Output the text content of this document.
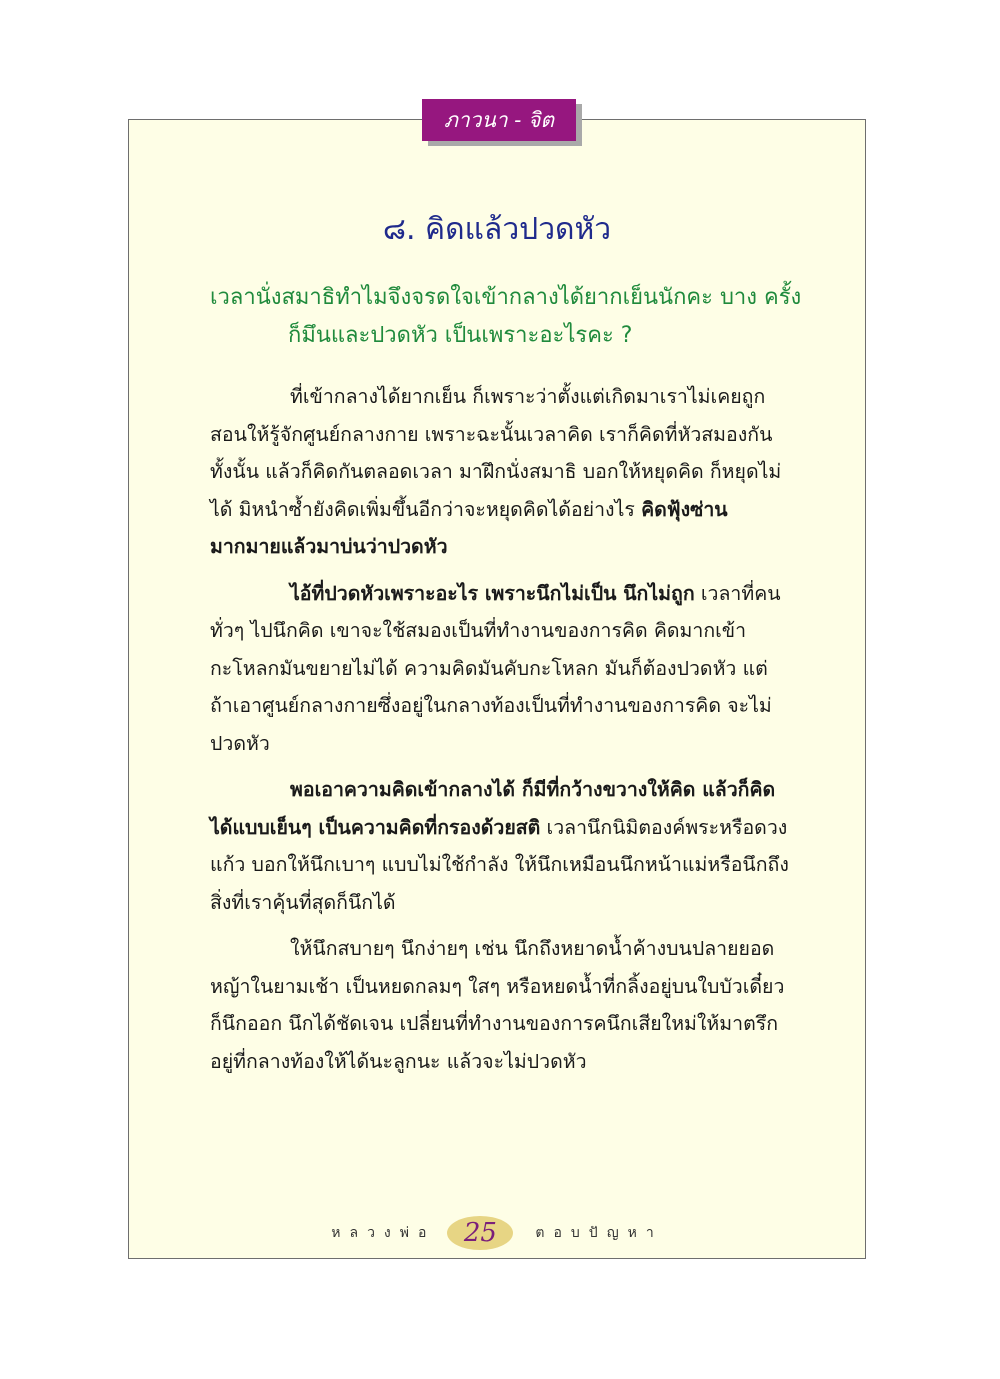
ภาวนา - จิต
๘. คิดแล้วปวดหัว
เวลานั่งสมาธิทำไมจึงจรดใจเข้ากลางได้ยากเย็นนักคะ บาง ครั้ง
ก็มึนและปวดหัว เป็นเพราะอะไรคะ ?

ที่เข้ากลางได้ยากเย็น ก็เพราะว่าตั้งแต่เกิดมาเราไม่เคยถูกสอนให้รู้จักศูนย์กลางกาย เพราะฉะนั้นเวลาคิด เราก็คิดที่หัวสมองกันทั้งนั้น แล้วก็คิดกันตลอดเวลา มาฝึกนั่งสมาธิ บอกให้หยุดคิด ก็หยุดไม่ได้ มิหนำซ้ำยังคิดเพิ่มขึ้นอีกว่าจะหยุดคิดได้อย่างไร คิดฟุ้งซ่านมากมายแล้วมาบ่นว่าปวดหัว

ไอ้ที่ปวดหัวเพราะอะไร เพราะนึกไม่เป็น นึกไม่ถูก เวลาที่คนทั่วๆ ไปนึกคิด เขาจะใช้สมองเป็นที่ทำงานของการคิด คิดมากเข้ากะโหลกมันขยายไม่ได้ ความคิดมันคับกะโหลก มันก็ต้องปวดหัว แต่ถ้าเอาศูนย์กลางกายซึ่งอยู่ในกลางท้องเป็นที่ทำงานของการคิด จะไม่ปวดหัว

พอเอาความคิดเข้ากลางได้ ก็มีที่กว้างขวางให้คิด แล้วก็คิดได้แบบเย็นๆ เป็นความคิดที่กรองด้วยสติ เวลานึกนิมิตองค์พระหรือดวงแก้ว บอกให้นึกเบาๆ แบบไม่ใช้กำลัง ให้นึกเหมือนนึกหน้าแม่หรือนึกถึงสิ่งที่เราคุ้นที่สุดก็นึกได้

ให้นึกสบายๆ นึกง่ายๆ เช่น นึกถึงหยาดน้ำค้างบนปลายยอดหญ้าในยามเช้า เป็นหยดกลมๆ ใสๆ หรือหยดน้ำที่กลิ้งอยู่บนใบบัวเดี๋ยวก็นึกออก นึกได้ชัดเจน เปลี่ยนที่ทำงานของการคนึกเสียใหม่ให้มาตรึกอยู่ที่กลางท้องให้ได้นะลูกนะ แล้วจะไม่ปวดหัว

หลวงพ่อ	25	ตอบปัญหา
